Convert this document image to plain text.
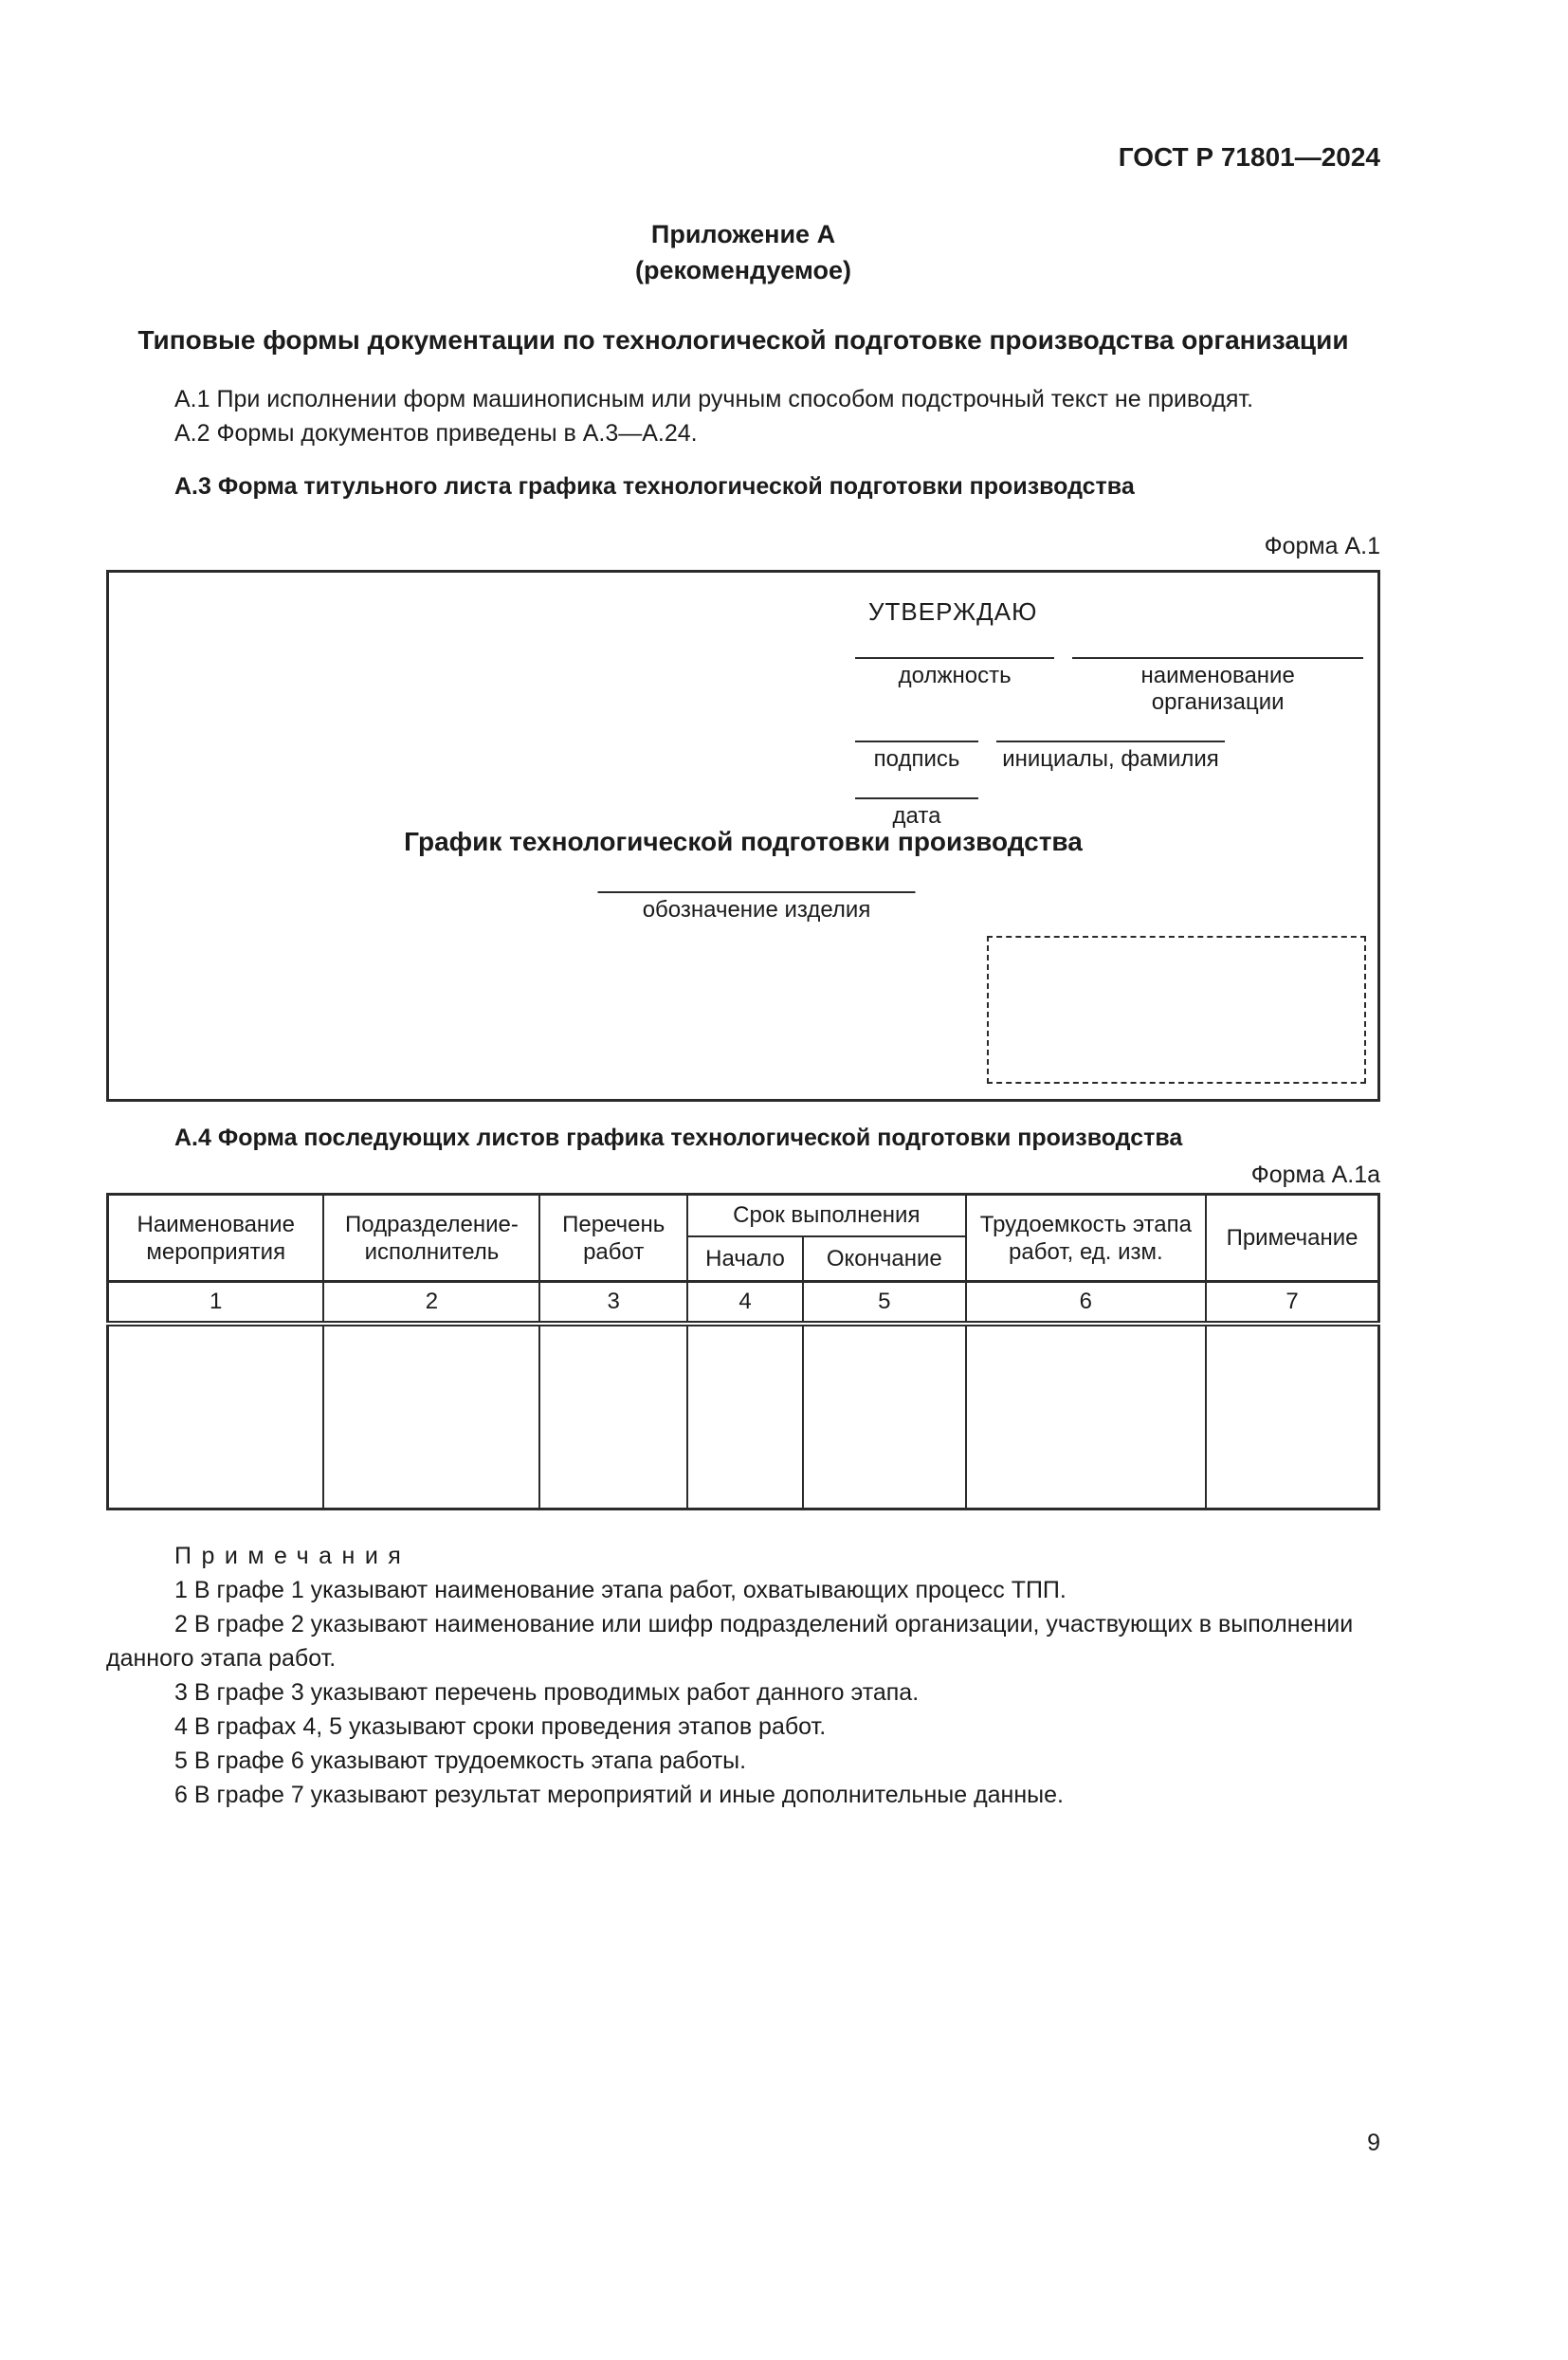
ГОСТ Р 71801—2024
Приложение А
(рекомендуемое)
Типовые формы документации по технологической подготовке производства организации

А.1 При исполнении форм машинописным или ручным способом подстрочный текст не приводят.

А.2 Формы документов приведены в А.3—А.24.

А.3 Форма титульного листа графика технологической подготовки производства

Форма А.1
УТВЕРЖДАЮ
должность	наименование организации
подпись	инициалы, фамилия
дата
График технологической подготовки производства
обозначение изделия

А.4 Форма последующих листов графика технологической подготовки производства

Форма А.1а
Наименование мероприятия	Подразделение-исполнитель	Перечень работ	Срок выполнения		Трудоемкость этапа работ, ед. изм.	Примечание
			Начало	Окончание		
1	2	3	4	5	6	7

Примечания

1 В графе 1 указывают наименование этапа работ, охватывающих процесс ТПП.

2 В графе 2 указывают наименование или шифр подразделений организации, участвующих в выполнении данного этапа работ.

3 В графе 3 указывают перечень проводимых работ данного этапа.

4 В графах 4, 5 указывают сроки проведения этапов работ.

5 В графе 6 указывают трудоемкость этапа работы.

6 В графе 7 указывают результат мероприятий и иные дополнительные данные.

9
